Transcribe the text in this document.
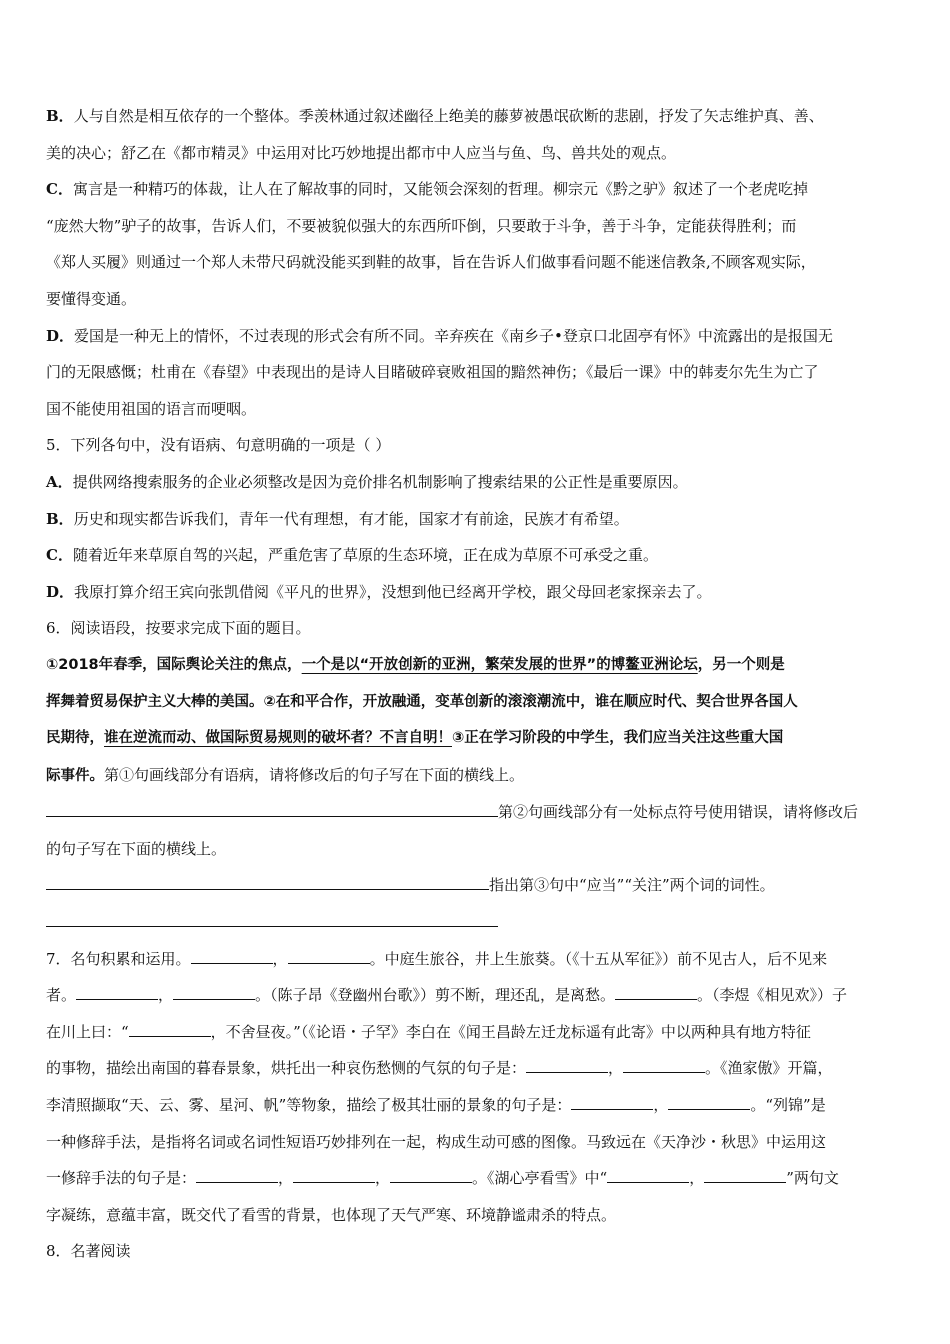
B．人与自然是相互依存的一个整体。季羡林通过叙述幽径上绝美的藤萝被愚氓砍断的悲剧，抒发了矢志维护真、善、

美的决心；舒乙在《都市精灵》中运用对比巧妙地提出都市中人应当与鱼、鸟、兽共处的观点。

C．寓言是一种精巧的体裁，让人在了解故事的同时，又能领会深刻的哲理。柳宗元《黔之驴》叙述了一个老虎吃掉

“庞然大物”驴子的故事，告诉人们，不要被貌似强大的东西所吓倒，只要敢于斗争，善于斗争，定能获得胜利；而

《郑人买履》则通过一个郑人未带尺码就没能买到鞋的故事，旨在告诉人们做事看问题不能迷信教条,不顾客观实际，

要懂得变通。

D．爱国是一种无上的情怀，不过表现的形式会有所不同。辛弃疾在《南乡子•登京口北固亭有怀》中流露出的是报国无

门的无限感慨；杜甫在《春望》中表现出的是诗人目睹破碎衰败祖国的黯然神伤；《最后一课》中的韩麦尔先生为亡了

国不能使用祖国的语言而哽咽。

5．下列各句中，没有语病、句意明确的一项是（ ）

A．提供网络搜索服务的企业必须整改是因为竞价排名机制影响了搜索结果的公正性是重要原因。

B．历史和现实都告诉我们，青年一代有理想，有才能，国家才有前途，民族才有希望。

C．随着近年来草原自驾的兴起，严重危害了草原的生态环境，正在成为草原不可承受之重。

D．我原打算介绍王宾向张凯借阅《平凡的世界》，没想到他已经离开学校，跟父母回老家探亲去了。

6．阅读语段，按要求完成下面的题目。

①2018年春季，国际舆论关注的焦点，一个是以“开放创新的亚洲，繁荣发展的世界”的博鳌亚洲论坛，另一个则是

挥舞着贸易保护主义大棒的美国。②在和平合作，开放融通，变革创新的滚滚潮流中，谁在顺应时代、契合世界各国人

民期待，谁在逆流而动、做国际贸易规则的破坏者？不言自明！③正在学习阶段的中学生，我们应当关注这些重大国

际事件。第①句画线部分有语病，请将修改后的句子写在下面的横线上。

第②句画线部分有一处标点符号使用错误，请将修改后

的句子写在下面的横线上。

指出第③句中“应当”“关注”两个词的词性。

7．名句积累和运用。	，	。中庭生旅谷，井上生旅葵。（《十五从军征》）前不见古人，后不见来

者。	，	。（陈子昂《登幽州台歌》）剪不断，理还乱，是离愁。	。（李煜《相见欢》）子

在川上曰：“	，不舍昼夜。”（《论语・子罕》李白在《闻王昌龄左迁龙标遥有此寄》中以两种具有地方特征

的事物，描绘出南国的暮春景象，烘托出一种哀伤愁恻的气氛的句子是：	，	。《渔家傲》开篇，

李清照撷取“天、云、雾、星河、帆”等物象，描绘了极其壮丽的景象的句子是：	，	。“列锦”是

一种修辞手法，是指将名词或名词性短语巧妙排列在一起，构成生动可感的图像。马致远在《天净沙・秋思》中运用这

一修辞手法的句子是：	，	，	。《湖心亭看雪》中“	，	”两句文

字凝练，意蕴丰富，既交代了看雪的背景，也体现了天气严寒、环境静谧肃杀的特点。

8．名著阅读
